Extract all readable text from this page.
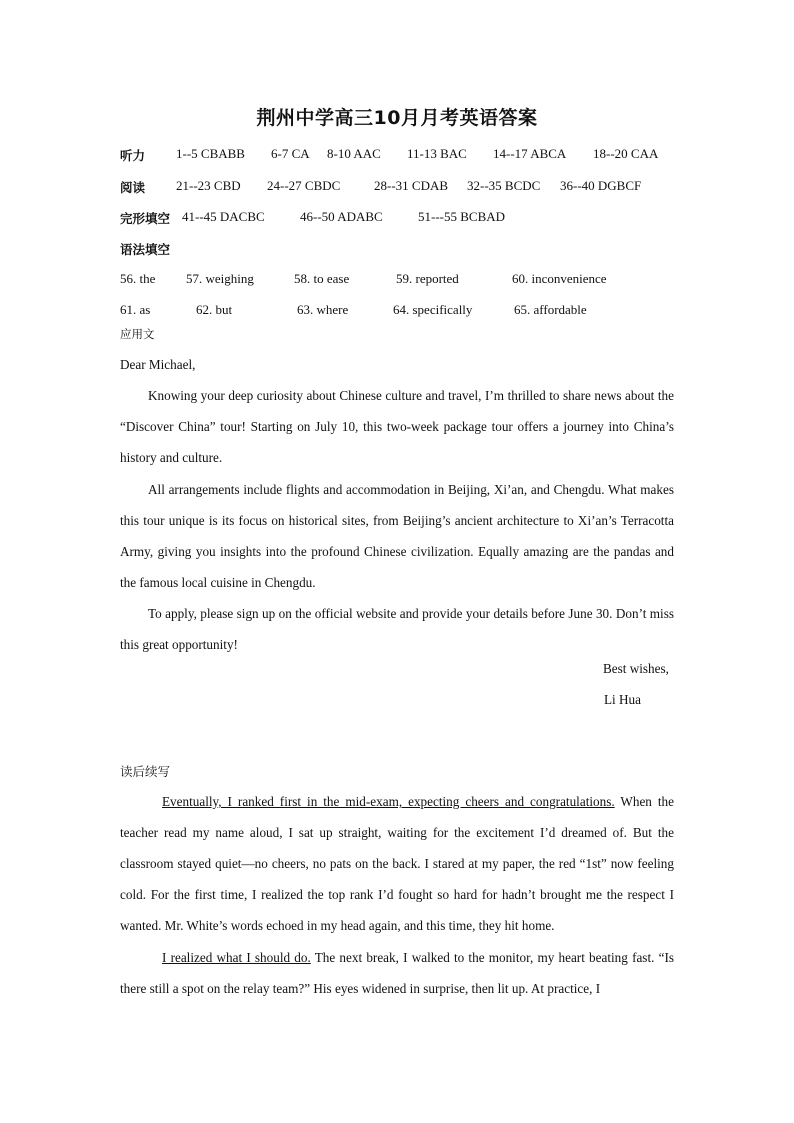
荆州中学高三10月月考英语答案
听力 1--5 CBABB 6-7 CA 8-10 AAC 11-13 BAC 14--17 ABCA 18--20 CAA
阅读 21--23 CBD 24--27 CBDC	28--31 CDAB 32--35 BCDC 36--40 DGBCF
完形填空 41--45 DACBC	46--50 ADABC	51---55 BCBAD
语法填空
56. the 57. weighing	58. to ease	59. reported	60. inconvenience
61. as	62. but	63. where	64. specifically	65. affordable
应用文
Dear Michael,

Knowing your deep curiosity about Chinese culture and travel, I’m thrilled to share news about the “Discover China” tour! Starting on July 10, this two-week package tour offers a journey into China’s history and culture.

All arrangements include flights and accommodation in Beijing, Xi’an, and Chengdu. What makes this tour unique is its focus on historical sites, from Beijing’s ancient architecture to Xi’an’s Terracotta Army, giving you insights into the profound Chinese civilization. Equally amazing are the pandas and the famous local cuisine in Chengdu.

To apply, please sign up on the official website and provide your details before June 30. Don’t miss this great opportunity!

Best wishes,
Li Hua
读后续写

Eventually, I ranked first in the mid-exam, expecting cheers and congratulations. When the teacher read my name aloud, I sat up straight, waiting for the excitement I’d dreamed of. But the classroom stayed quiet—no cheers, no pats on the back. I stared at my paper, the red “1st” now feeling cold. For the first time, I realized the top rank I’d fought so hard for hadn’t brought me the respect I wanted. Mr. White’s words echoed in my head again, and this time, they hit home.

I realized what I should do. The next break, I walked to the monitor, my heart beating fast. “Is there still a spot on the relay team?” His eyes widened in surprise, then lit up. At practice, I
